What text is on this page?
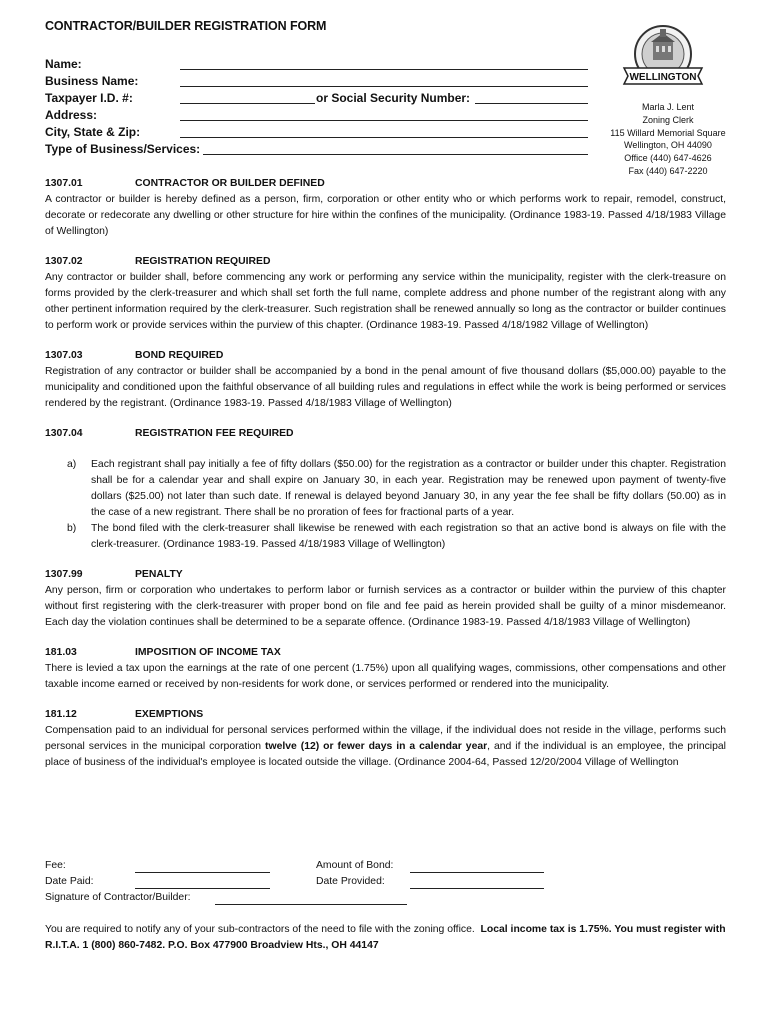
CONTRACTOR/BUILDER REGISTRATION FORM
Name:
Business Name:
Taxpayer I.D. #:	or Social Security Number:
Address:
City, State & Zip:
Type of Business/Services:
WELLINGTON
Marla J. Lent
Zoning Clerk
115 Willard Memorial Square
Wellington, OH 44090
Office (440) 647-4626
Fax (440) 647-2220
1307.01	CONTRACTOR OR BUILDER DEFINED
A contractor or builder is hereby defined as a person, firm, corporation or other entity who or which performs work to repair, remodel, construct, decorate or redecorate any dwelling or other structure for hire within the confines of the municipality. (Ordinance 1983-19. Passed 4/18/1983 Village of Wellington)
1307.02	REGISTRATION REQUIRED
Any contractor or builder shall, before commencing any work or performing any service within the municipality, register with the clerk-treasure on forms provided by the clerk-treasurer and which shall set forth the full name, complete address and phone number of the registrant along with any other pertinent information required by the clerk-treasurer. Such registration shall be renewed annually so long as the contractor or builder continues to perform work or provide services within the purview of this chapter. (Ordinance 1983-19. Passed 4/18/1982 Village of Wellington)
1307.03	BOND REQUIRED
Registration of any contractor or builder shall be accompanied by a bond in the penal amount of five thousand dollars ($5,000.00) payable to the municipality and conditioned upon the faithful observance of all building rules and regulations in effect while the work is being performed or services rendered by the registrant. (Ordinance 1983-19. Passed 4/18/1983 Village of Wellington)
1307.04	REGISTRATION FEE REQUIRED
a)	Each registrant shall pay initially a fee of fifty dollars ($50.00) for the registration as a contractor or builder under this chapter. Registration shall be for a calendar year and shall expire on January 30, in each year. Registration may be renewed upon payment of twenty-five dollars ($25.00) not later than such date. If renewal is delayed beyond January 30, in any year the fee shall be fifty dollars (50.00) as in the case of a new registrant. There shall be no proration of fees for fractional parts of a year.
b)	The bond filed with the clerk-treasurer shall likewise be renewed with each registration so that an active bond is always on file with the clerk-treasurer. (Ordinance 1983-19. Passed 4/18/1983 Village of Wellington)
1307.99	PENALTY
Any person, firm or corporation who undertakes to perform labor or furnish services as a contractor or builder within the purview of this chapter without first registering with the clerk-treasurer with proper bond on file and fee paid as herein provided shall be guilty of a minor misdemeanor. Each day the violation continues shall be determined to be a separate offence. (Ordinance 1983-19. Passed 4/18/1983 Village of Wellington)
181.03	IMPOSITION OF INCOME TAX
There is levied a tax upon the earnings at the rate of one percent (1.75%) upon all qualifying wages, commissions, other compensations and other taxable income earned or received by non-residents for work done, or services performed or rendered into the municipality.
181.12	EXEMPTIONS
Compensation paid to an individual for personal services performed within the village, if the individual does not reside in the village, performs such personal services in the municipal corporation twelve (12) or fewer days in a calendar year, and if the individual is an employee, the principal place of business of the individual's employee is located outside the village. (Ordinance 2004-64, Passed 12/20/2004 Village of Wellington
Fee:	Amount of Bond:
Date Paid:	Date Provided:
Signature of Contractor/Builder:
You are required to notify any of your sub-contractors of the need to file with the zoning office. Local income tax is 1.75%. You must register with R.I.T.A. 1 (800) 860-7482. P.O. Box 477900 Broadview Hts., OH 44147
